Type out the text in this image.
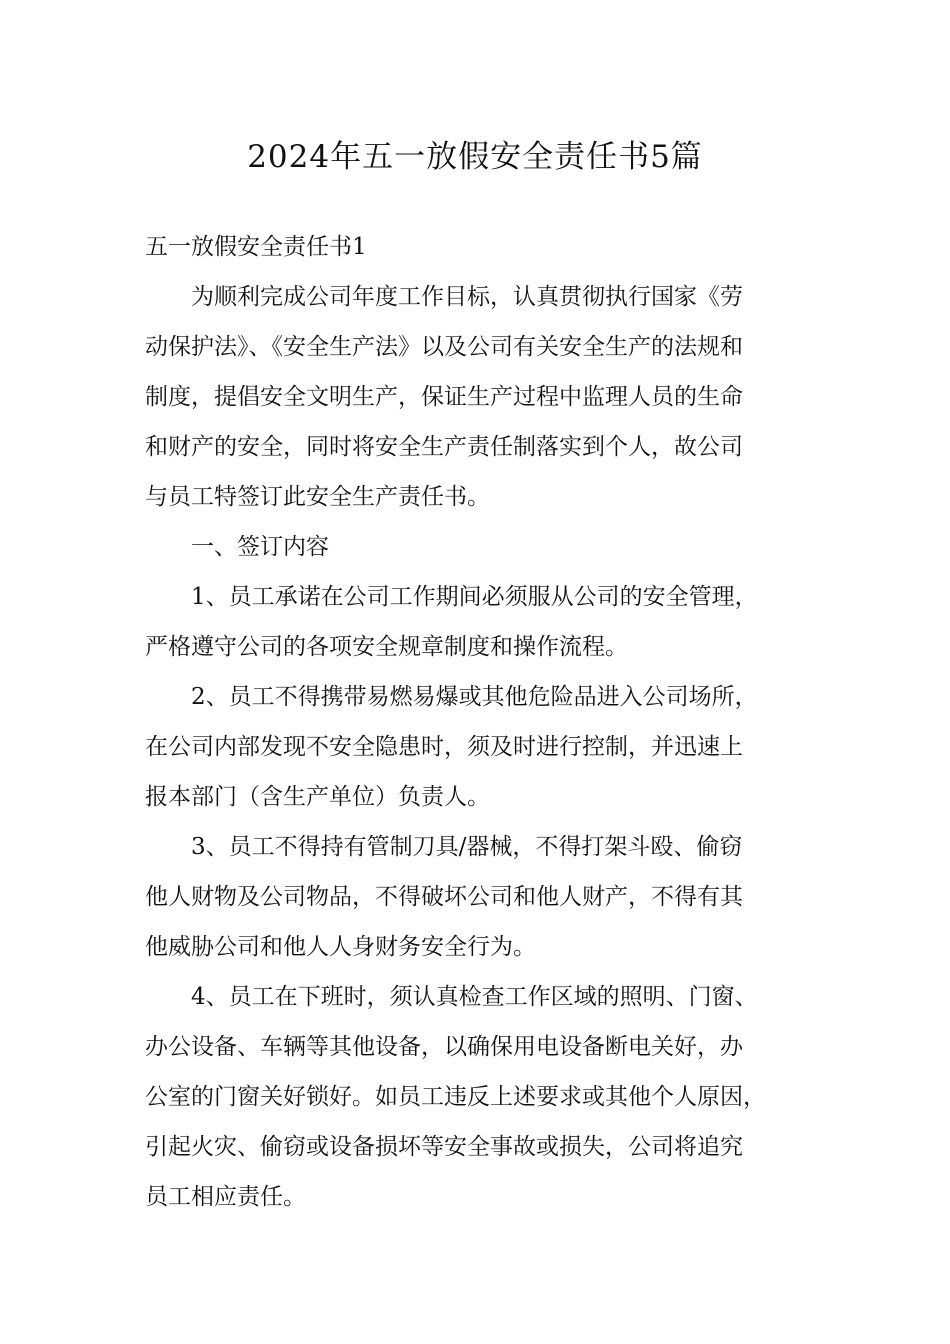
2024年五一放假安全责任书5篇
五一放假安全责任书1
为顺利完成公司年度工作目标，认真贯彻执行国家《劳
动保护法》、《安全生产法》以及公司有关安全生产的法规和
制度，提倡安全文明生产，保证生产过程中监理人员的生命
和财产的安全，同时将安全生产责任制落实到个人，故公司
与员工特签订此安全生产责任书。
一、签订内容
1、员工承诺在公司工作期间必须服从公司的安全管理，
严格遵守公司的各项安全规章制度和操作流程。
2、员工不得携带易燃易爆或其他危险品进入公司场所，
在公司内部发现不安全隐患时，须及时进行控制，并迅速上
报本部门（含生产单位）负责人。
3、员工不得持有管制刀具/器械，不得打架斗殴、偷窃
他人财物及公司物品，不得破坏公司和他人财产，不得有其
他威胁公司和他人人身财务安全行为。
4、员工在下班时，须认真检查工作区域的照明、门窗、
办公设备、车辆等其他设备，以确保用电设备断电关好，办
公室的门窗关好锁好。如员工违反上述要求或其他个人原因，
引起火灾、偷窃或设备损坏等安全事故或损失，公司将追究
员工相应责任。
